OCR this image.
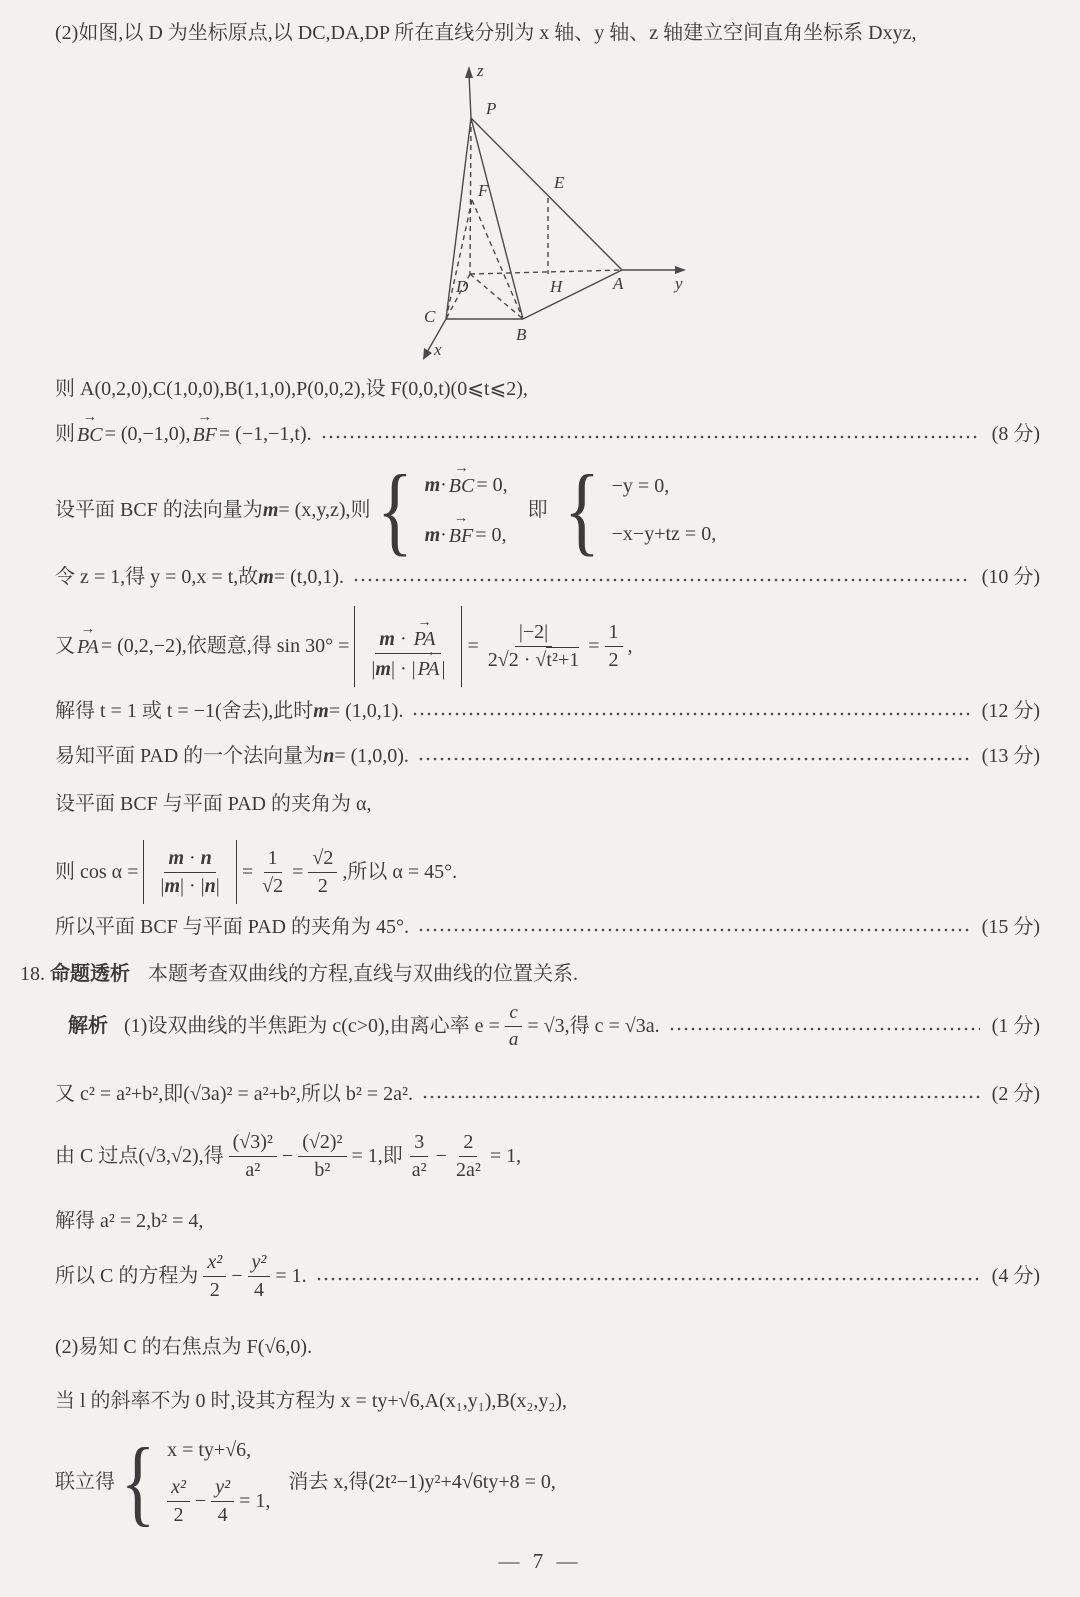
(2)如图,以 D 为坐标原点,以 DC,DA,DP 所在直线分别为 x 轴、y 轴、z 轴建立空间直角坐标系 Dxyz,
z
P
E
F
D	H	A	y
C
B
x
则 A(0,2,0),C(1,0,0),B(1,1,0),P(0,0,2),设 F(0,0,t)(0⩽t⩽2),
则 BC → = (0,−1,0), BF → = (−1,−1,t).	(8 分)
设平面 BCF 的法向量为 m = (x,y,z),则 { m · BC → = 0,
m · BF → = 0,
即 { −y = 0,
−x−y+tz = 0,
令 z = 1,得 y = 0,x = t,故 m = (t,0,1).	(10 分)
又 PA → = (0,2,−2),依题意,得 $\sin 30^\circ = \frac{m \cdot PA \to}{|m| \cdot | PA \to |} = \frac{|-2|}{\text{2√2 · √t²+1}} = \frac{1}{2}$ ,
解得 t = 1 或 t = −1(舍去),此时 m = (1,0,1).	(12 分)
易知平面 PAD 的一个法向量为 n = (1,0,0).	(13 分)
设平面 BCF 与平面 PAD 的夹角为 α,
则 $\cos \alpha = \frac{m \cdot n}{|m| \cdot |n|} = \frac{1}{√2} = \frac{√2}{2}$ ,所以 α = 45°.
所以平面 BCF 与平面 PAD 的夹角为 45°.	(15 分)
18.
命题透析 本题考查双曲线的方程,直线与双曲线的位置关系.
解析 (1)设双曲线的半焦距为 c(c>0),由离心率 $e = \frac{c}{a} = √3$,得 c = √3a.	(1 分)
又 c² = a²+b²,即(√3a)² = a²+b²,所以 b² = 2a².	(2 分)
由 C 过点(√3,√2),得 $\frac{\text{(√3)²}}{\text{a²}} - \frac{\text{(√2)²}}{\text{b²}} = 1$,即 $\frac{3}{\text{a²}} - \frac{2}{\text{2a²}} = 1$,
解得 a² = 2,b² = 4,
所以 C 的方程为 $\frac{\text{x²}}{2} - \frac{\text{y²}}{4} = 1$.	(4 分)
(2)易知 C 的右焦点为 F(√6,0).
当 l 的斜率不为 0 时,设其方程为 x = ty+√6,A(x₁,y₁),B(x₂,y₂),
联立得 { x = ty+√6,
$\frac{\text{x²}}{2} - \frac{\text{y²}}{4} = 1$,
消去 x,得(2t²−1)y²+4√6ty+8 = 0,
— 7 —
